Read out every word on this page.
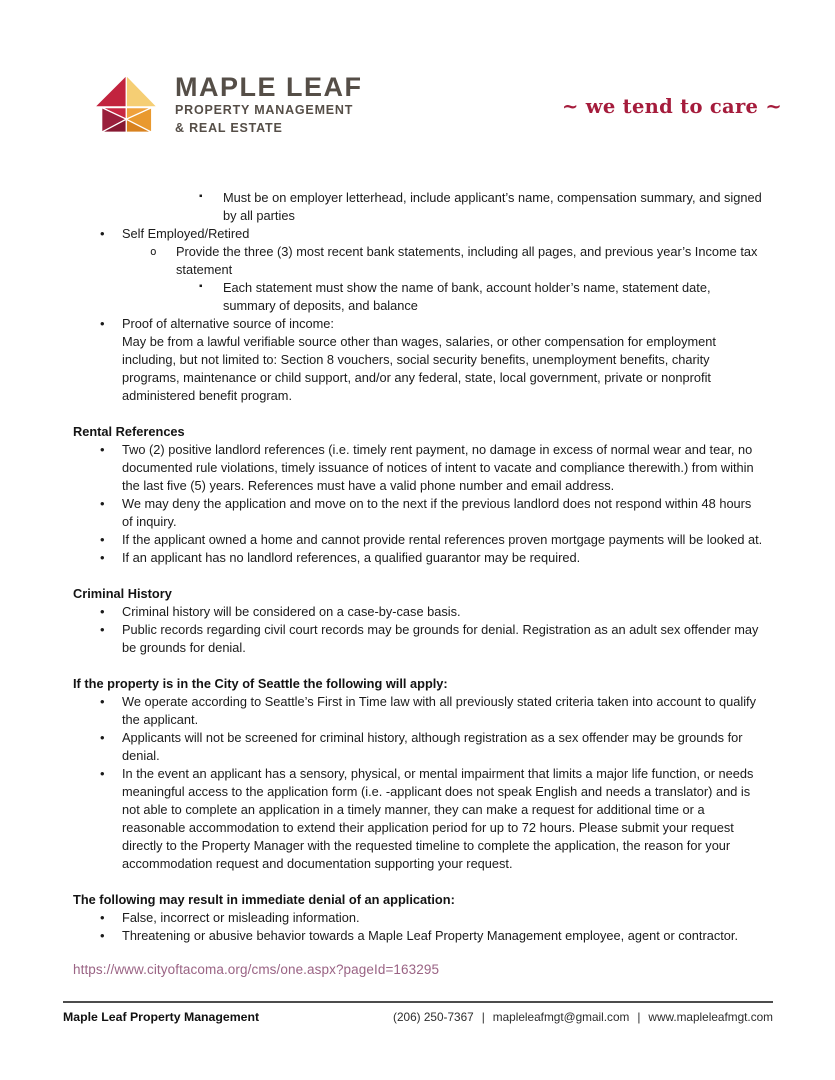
MAPLE LEAF
PROPERTY MANAGEMENT
& REAL ESTATE
~ we tend to care ~
▪ Must be on employer letterhead, include applicant’s name, compensation summary, and signed by all parties
• Self Employed/Retired
o Provide the three (3) most recent bank statements, including all pages, and previous year’s Income tax statement
▪ Each statement must show the name of bank, account holder’s name, statement date, summary of deposits, and balance
• Proof of alternative source of income:
May be from a lawful verifiable source other than wages, salaries, or other compensation for employment including, but not limited to: Section 8 vouchers, social security benefits, unemployment benefits, charity programs, maintenance or child support, and/or any federal, state, local government, private or nonprofit administered benefit program.
Rental References
• Two (2) positive landlord references (i.e. timely rent payment, no damage in excess of normal wear and tear, no documented rule violations, timely issuance of notices of intent to vacate and compliance therewith.) from within the last five (5) years. References must have a valid phone number and email address.
• We may deny the application and move on to the next if the previous landlord does not respond within 48 hours of inquiry.
• If the applicant owned a home and cannot provide rental references proven mortgage payments will be looked at.
• If an applicant has no landlord references, a qualified guarantor may be required.
Criminal History
• Criminal history will be considered on a case-by-case basis.
• Public records regarding civil court records may be grounds for denial. Registration as an adult sex offender may be grounds for denial.
If the property is in the City of Seattle the following will apply:
• We operate according to Seattle’s First in Time law with all previously stated criteria taken into account to qualify the applicant.
• Applicants will not be screened for criminal history, although registration as a sex offender may be grounds for denial.
• In the event an applicant has a sensory, physical, or mental impairment that limits a major life function, or needs meaningful access to the application form (i.e. -applicant does not speak English and needs a translator) and is not able to complete an application in a timely manner, they can make a request for additional time or a reasonable accommodation to extend their application period for up to 72 hours. Please submit your request directly to the Property Manager with the requested timeline to complete the application, the reason for your accommodation request and documentation supporting your request.
The following may result in immediate denial of an application:
• False, incorrect or misleading information.
• Threatening or abusive behavior towards a Maple Leaf Property Management employee, agent or contractor.
https://www.cityoftacoma.org/cms/one.aspx?pageId=163295
Maple Leaf Property Management	(206) 250-7367 | mapleleafmgt@gmail.com | www.mapleleafmgt.com
